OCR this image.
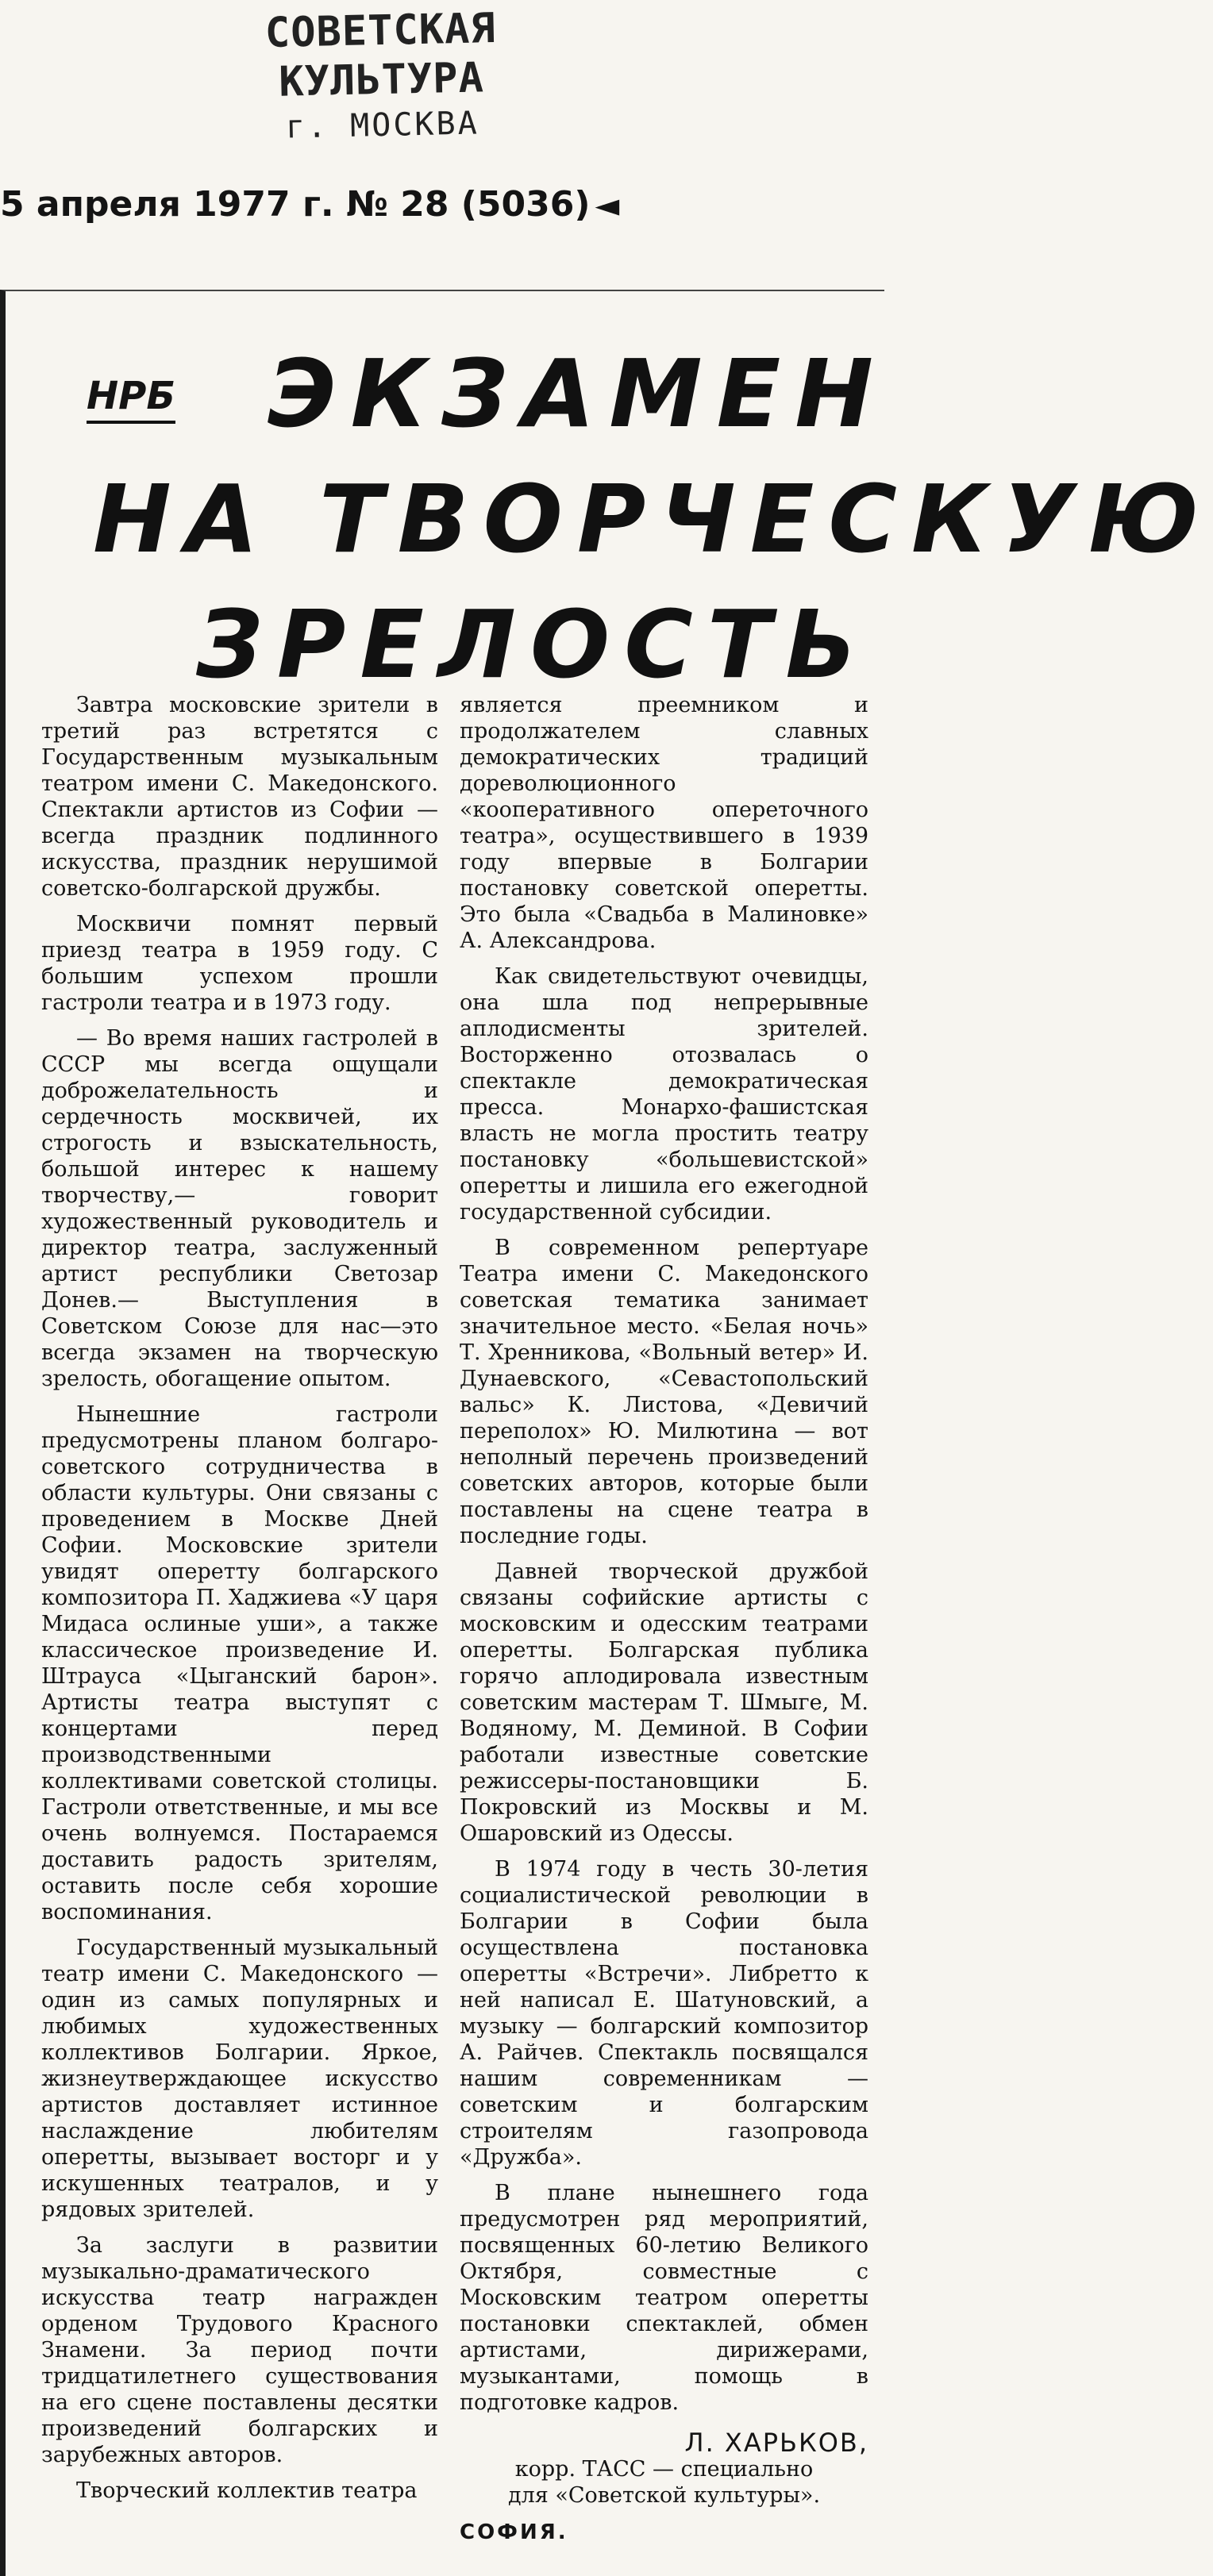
СОВЕТСКАЯ КУЛЬТУРА
г. МОСКВА
5 апреля 1977 г. № 28 (5036) ◄
НРБ ЭКЗАМЕН
НА ТВОРЧЕСКУЮ
ЗРЕЛОСТЬ

Завтра московские зрители в третий раз встретятся с Государственным музыкальным театром имени С. Македонского. Спектакли артистов из Софии — всегда праздник подлинного искусства, праздник нерушимой советско-болгарской дружбы.

Москвичи помнят первый приезд театра в 1959 году. С большим успехом прошли гастроли театра и в 1973 году.

— Во время наших гастролей в СССР мы всегда ощущали доброжелательность и сердечность москвичей, их строгость и взыскательность, большой интерес к нашему творчеству,— говорит художественный руководитель и директор театра, заслуженный артист республики Светозар Донев.— Выступления в Советском Союзе для нас—это всегда экзамен на творческую зрелость, обогащение опытом.

Нынешние гастроли предусмотрены планом болгаро-советского сотрудничества в области культуры. Они связаны с проведением в Москве Дней Софии. Московские зрители увидят оперетту болгарского композитора П. Хаджиева «У царя Мидаса ослиные уши», а также классическое произведение И. Штрауса «Цыганский барон». Артисты театра выступят с концертами перед производственными коллективами советской столицы. Гастроли ответственные, и мы все очень волнуемся. Постараемся доставить радость зрителям, оставить после себя хорошие воспоминания.

Государственный музыкальный театр имени С. Македонского — один из самых популярных и любимых художественных коллективов Болгарии. Яркое, жизнеутверждающее искусство артистов доставляет истинное наслаждение любителям оперетты, вызывает восторг и у искушенных театралов, и у рядовых зрителей.

За заслуги в развитии музыкально-драматического искусства театр награжден орденом Трудового Красного Знамени. За период почти тридцатилетнего существования на его сцене поставлены десятки произведений болгарских и зарубежных авторов.

Творческий коллектив театра

является преемником и продолжателем славных демократических традиций дореволюционного «кооперативного опереточного театра», осуществившего в 1939 году впервые в Болгарии постановку советской оперетты. Это была «Свадьба в Малиновке» А. Александрова.

Как свидетельствуют очевидцы, она шла под непрерывные аплодисменты зрителей. Восторженно отозвалась о спектакле демократическая пресса. Монархо-фашистская власть не могла простить театру постановку «большевистской» оперетты и лишила его ежегодной государственной субсидии.

В современном репертуаре Театра имени С. Македонского советская тематика занимает значительное место. «Белая ночь» Т. Хренникова, «Вольный ветер» И. Дунаевского, «Севастопольский вальс» К. Листова, «Девичий переполох» Ю. Милютина — вот неполный перечень произведений советских авторов, которые были поставлены на сцене театра в последние годы.

Давней творческой дружбой связаны софийские артисты с московским и одесским театрами оперетты. Болгарская публика горячо аплодировала известным советским мастерам Т. Шмыге, М. Водяному, М. Деминой. В Софии работали известные советские режиссеры-постановщики Б. Покровский из Москвы и М. Ошаровский из Одессы.

В 1974 году в честь 30-летия социалистической революции в Болгарии в Софии была осуществлена постановка оперетты «Встречи». Либретто к ней написал Е. Шатуновский, а музыку — болгарский композитор А. Райчев. Спектакль посвящался нашим современникам — советским и болгарским строителям газопровода «Дружба».

В плане нынешнего года предусмотрен ряд мероприятий, посвященных 60-летию Великого Октября, совместные с Московским театром оперетты постановки спектаклей, обмен артистами, дирижерами, музыкантами, помощь в подготовке кадров.

Л. ХАРЬКОВ,
корр. ТАСС — специально
для «Советской культуры».
СОФИЯ.
